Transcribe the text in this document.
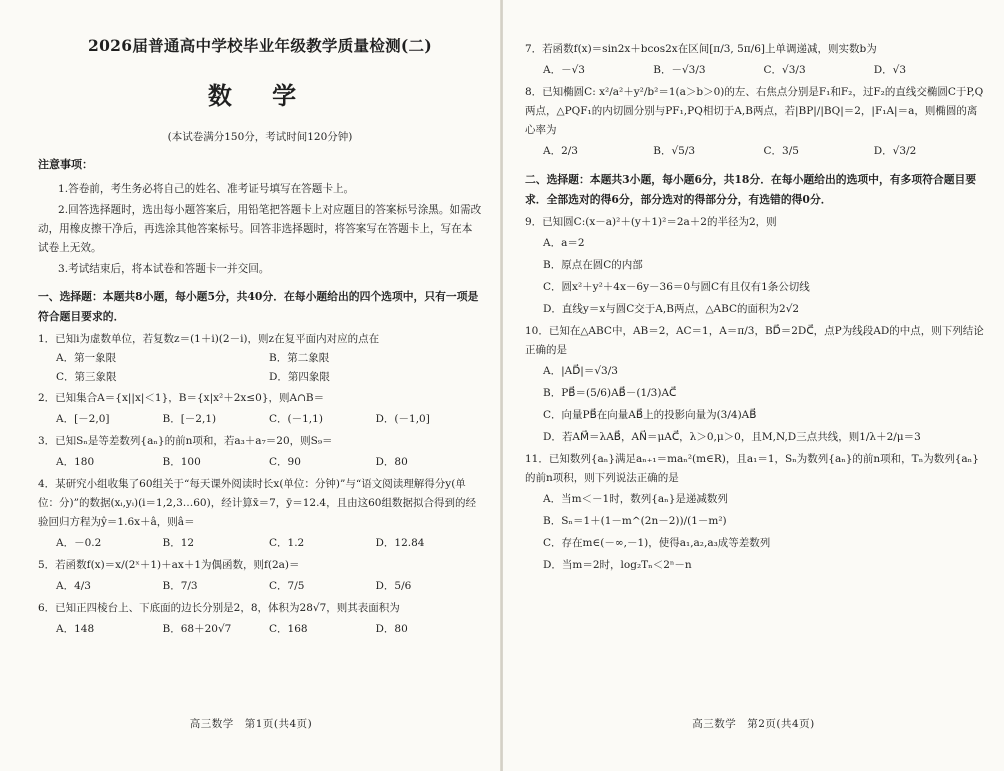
2026届普通高中学校毕业年级教学质量检测(二)
数 学
(本试卷满分150分，考试时间120分钟)
注意事项：

1.答卷前，考生务必将自己的姓名、准考证号填写在答题卡上。

2.回答选择题时，选出每小题答案后，用铅笔把答题卡上对应题目的答案标号涂黑。如需改动，用橡皮擦干净后，再选涂其他答案标号。回答非选择题时，将答案写在答题卡上，写在本试卷上无效。

3.考试结束后，将本试卷和答题卡一并交回。

一、选择题：本题共8小题，每小题5分，共40分．在每小题给出的四个选项中，只有一项是符合题目要求的．

1．已知i为虚数单位，若复数z＝(1＋i)(2－i)，则z在复平面内对应的点在

A．第一象限	B．第二象限
C．第三象限	D．第四象限

2．已知集合A＝{x||x|＜1}，B＝{x|x²＋2x≤0}，则A∩B＝

A．[－2,0]	B．[－2,1)	C．(－1,1)	D．(－1,0]

3．已知Sₙ是等差数列{aₙ}的前n项和，若a₃＋a₇＝20，则S₉＝

A．180	B．100	C．90	D．80

4．某研究小组收集了60组关于“每天课外阅读时长x(单位：分钟)”与“语文阅读理解得分y(单位：分)”的数据(xᵢ,yᵢ)(i＝1,2,3…60)，经计算x̄＝7，ȳ＝12.4，且由这60组数据拟合得到的经验回归方程为ŷ＝1.6x＋â，则â＝

A．－0.2	B．12	C．1.2	D．12.84

5．若函数f(x)＝x/(2ˣ＋1)＋ax＋1为偶函数，则f(2a)＝

A．4/3	B．7/3	C．7/5	D．5/6

6．已知正四棱台上、下底面的边长分别是2，8，体积为28√7，则其表面积为

A．148	B．68＋20√7	C．168	D．80
高三数学　第1页(共4页)

7．若函数f(x)＝sin2x＋bcos2x在区间[π/3, 5π/6]上单调递减，则实数b为

A．－√3	B．－√3/3	C．√3/3	D．√3

8．已知椭圆C: x²/a²＋y²/b²＝1(a＞b＞0)的左、右焦点分别是F₁和F₂，过F₂的直线交椭圆C于P,Q两点，△PQF₁的内切圆分别与PF₁,PQ相切于A,B两点，若|BP|/|BQ|＝2，|F₁A|＝a，则椭圆的离心率为

A．2/3	B．√5/3	C．3/5	D．√3/2
二、选择题：本题共3小题，每小题6分，共18分．在每小题给出的选项中，有多项符合题目要求．全部选对的得6分，部分选对的得部分分，有选错的得0分．

9．已知圆C:(x－a)²＋(y＋1)²＝2a＋2的半径为2，则

A．a＝2
B．原点在圆C的内部
C．圆x²＋y²＋4x－6y－36＝0与圆C有且仅有1条公切线
D．直线y＝x与圆C交于A,B两点，△ABC的面积为2√2

10．已知在△ABC中，AB＝2，AC＝1，A＝π/3，BD⃗＝2DC⃗，点P为线段AD的中点，则下列结论正确的是

A．|AD⃗|＝√3/3
B．PB⃗＝(5/6)AB⃗－(1/3)AC⃗
C．向量PB⃗在向量AB⃗上的投影向量为(3/4)AB⃗
D．若AM⃗＝λAB⃗，AN⃗＝μAC⃗，λ＞0,μ＞0，且M,N,D三点共线，则1/λ＋2/μ＝3

11．已知数列{aₙ}满足aₙ₊₁＝maₙ²(m∈R)，且a₁＝1，Sₙ为数列{aₙ}的前n项和，Tₙ为数列{aₙ}的前n项积，则下列说法正确的是

A．当m＜－1时，数列{aₙ}是递减数列
B．Sₙ＝1＋(1－m^(2n－2))/(1－m²)
C．存在m∈(－∞,－1)，使得a₁,a₂,a₃成等差数列
D．当m＝2时，log₂Tₙ＜2ⁿ－n
高三数学　第2页(共4页)
